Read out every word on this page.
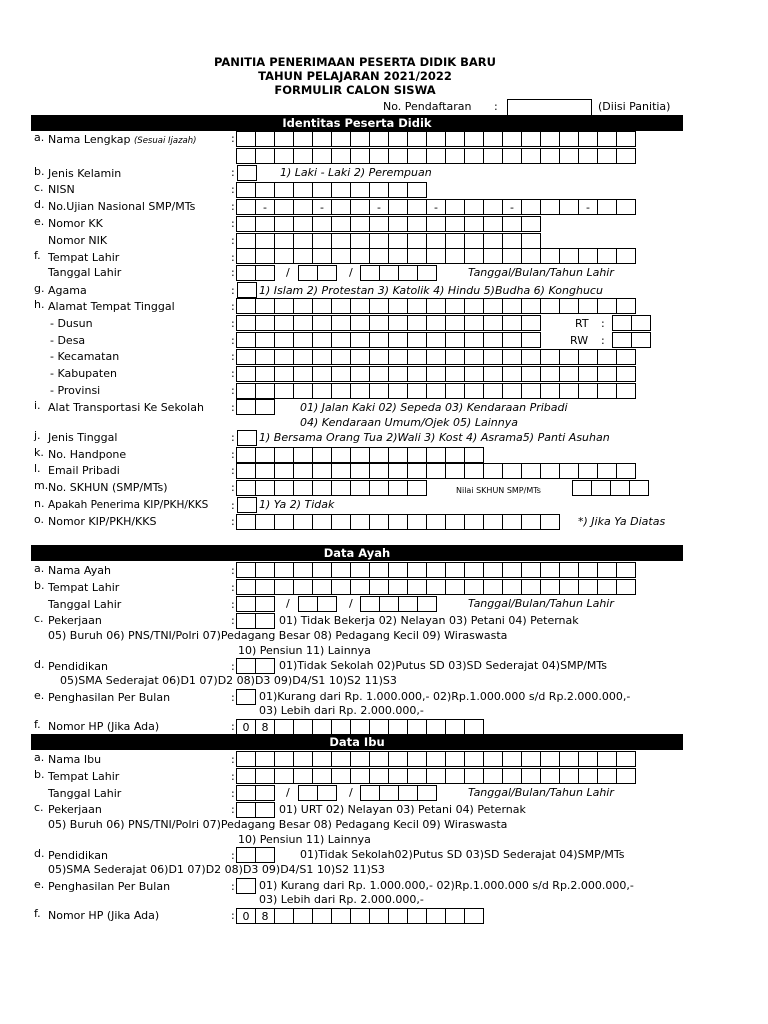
PANITIA PENERIMAAN PESERTA DIDIK BARU
TAHUN PELAJARAN 2021/2022
FORMULIR CALON SISWA
No. Pendaftaran :	(Diisi Panitia)
Identitas Peserta Didik
a. Nama Lengkap (Sesuai Ijazah)	:
b. Jenis Kelamin	:	1) Laki - Laki 2) Perempuan
c. NISN	:
d. No.Ujian Nasional SMP/MTs	:	-	-	-	-	-	-
e. Nomor KK	:
Nomor NIK	:
f. Tempat Lahir	:
Tanggal Lahir	:	/	/	Tanggal/Bulan/Tahun Lahir
g. Agama	: 1) Islam 2) Protestan 3) Katolik 4) Hindu 5)Budha 6) Konghucu
h. Alamat Tempat Tinggal	:
- Dusun	:	RT :
- Desa	:	RW :
- Kecamatan	:
- Kabupaten	:
- Provinsi	:
i. Alat Transportasi Ke Sekolah :	01) Jalan Kaki 02) Sepeda 03) Kendaraan Pribadi
04) Kendaraan Umum/Ojek 05) Lainnya
j. Jenis Tinggal	: 1) Bersama Orang Tua 2)Wali 3) Kost 4) Asrama5) Panti Asuhan
k. No. Handpone	:
l. Email Pribadi	:
m. No. SKHUN (SMP/MTs)	:	Nilai SKHUN SMP/MTs
n. Apakah Penerima KIP/PKH/KKS : 1) Ya 2) Tidak
o. Nomor KIP/PKH/KKS	:	*) Jika Ya Diatas
Data Ayah
a. Nama Ayah	:
b. Tempat Lahir	:
Tanggal Lahir	:	/	/	Tanggal/Bulan/Tahun Lahir
c. Pekerjaan	:	01) Tidak Bekerja 02) Nelayan 03) Petani 04) Peternak
05) Buruh 06) PNS/TNI/Polri 07)Pedagang Besar 08) Pedagang Kecil 09) Wiraswasta
10) Pensiun 11) Lainnya
d. Pendidikan	:	01)Tidak Sekolah 02)Putus SD 03)SD Sederajat 04)SMP/MTs
05)SMA Sederajat 06)D1 07)D2 08)D3 09)D4/S1 10)S2 11)S3
e. Penghasilan Per Bulan	: 01)Kurang dari Rp. 1.000.000,- 02)Rp.1.000.000 s/d Rp.2.000.000,-
03) Lebih dari Rp. 2.000.000,-
f. Nomor HP (Jika Ada)	: 0	8
Data Ibu
a. Nama Ibu	:
b. Tempat Lahir	:
Tanggal Lahir	:	/	/	Tanggal/Bulan/Tahun Lahir
c. Pekerjaan	:	01) URT 02) Nelayan 03) Petani 04) Peternak
05) Buruh 06) PNS/TNI/Polri 07)Pedagang Besar 08) Pedagang Kecil 09) Wiraswasta
10) Pensiun 11) Lainnya
d. Pendidikan	:	01)Tidak Sekolah02)Putus SD 03)SD Sederajat 04)SMP/MTs
05)SMA Sederajat 06)D1 07)D2 08)D3 09)D4/S1 10)S2 11)S3
e. Penghasilan Per Bulan	: 01) Kurang dari Rp. 1.000.000,- 02)Rp.1.000.000 s/d Rp.2.000.000,-
03) Lebih dari Rp. 2.000.000,-
f. Nomor HP (Jika Ada)	: 0	8
